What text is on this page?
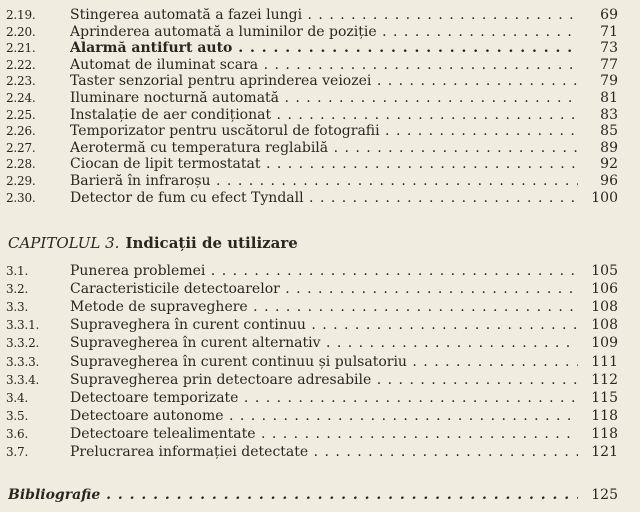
2.19. Stingerea automată a fazei lungi . . .	69
2.20. Aprinderea automată a luminilor de poziție . . .	71
2.21. Alarmă antifurt auto . . .	73
2.22. Automat de iluminat scara . . .	77
2.23. Taster senzorial pentru aprinderea veiozei . . .	79
2.24. Iluminare nocturnă automată . . .	81
2.25. Instalație de aer condiționat . . .	83
2.26. Temporizator pentru uscătorul de fotografii . . .	85
2.27. Aerotermă cu temperatura reglabilă . . .	89
2.28. Ciocan de lipit termostatat . . .	92
2.29. Barieră în infraroșu . . .	96
2.30. Detector de fum cu efect Tyndall . . .	100
CAPITOLUL 3. Indicații de utilizare
3.1.	Punerea problemei . . .	105
3.2.	Caracteristicile detectoarelor . . .	106
3.3.	Metode de supraveghere . . .	108
3.3.1. Supraveghera în curent continuu . . .	108
3.3.2. Supravegherea în curent alternativ . . .	109
3.3.3. Supravegherea în curent continuu și pulsatoriu . . .	111
3.3.4. Supravegherea prin detectoare adresabile . . .	112
3.4.	Detectoare temporizate . . .	115
3.5.	Detectoare autonome . . .	118
3.6.	Detectoare telealimentate . . .	118
3.7.	Prelucrarea informației detectate . . .	121
Bibliografie . . .	125
